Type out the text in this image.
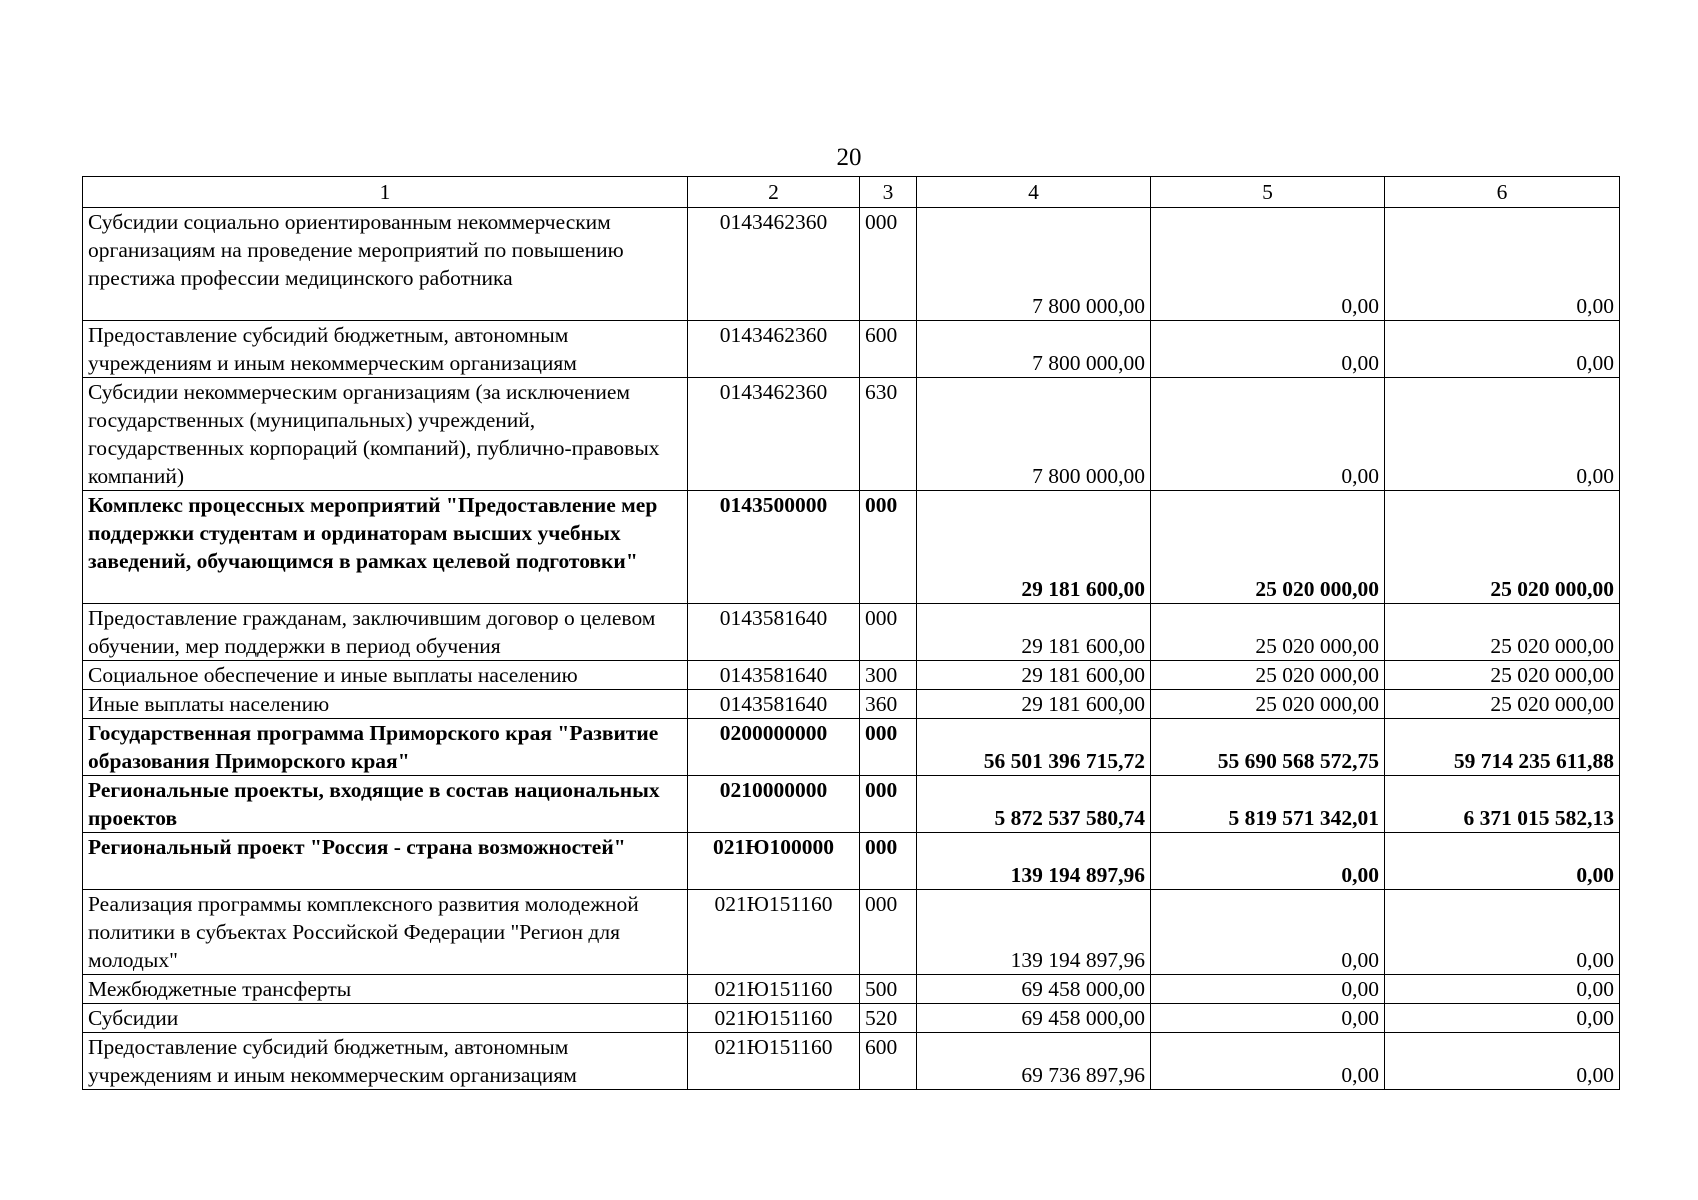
20
1	2	3	4	5	6
Субсидии социально ориентированным некоммерческим организациям на проведение мероприятий по повышению престижа профессии медицинского работника	0143462360	000	7 800 000,00	0,00	0,00
Предоставление субсидий бюджетным, автономным учреждениям и иным некоммерческим организациям	0143462360	600	7 800 000,00	0,00	0,00
Субсидии некоммерческим организациям (за исключением государственных (муниципальных) учреждений, государственных корпораций (компаний), публично-правовых компаний)	0143462360	630	7 800 000,00	0,00	0,00
Комплекс процессных мероприятий "Предоставление мер поддержки студентам и ординаторам высших учебных заведений, обучающимся в рамках целевой подготовки"	0143500000	000	29 181 600,00	25 020 000,00	25 020 000,00
Предоставление гражданам, заключившим договор о целевом обучении, мер поддержки в период обучения	0143581640	000	29 181 600,00	25 020 000,00	25 020 000,00
Социальное обеспечение и иные выплаты населению	0143581640	300	29 181 600,00	25 020 000,00	25 020 000,00
Иные выплаты населению	0143581640	360	29 181 600,00	25 020 000,00	25 020 000,00
Государственная программа Приморского края "Развитие образования Приморского края"	0200000000	000	56 501 396 715,72	55 690 568 572,75	59 714 235 611,88
Региональные проекты, входящие в состав национальных проектов	0210000000	000	5 872 537 580,74	5 819 571 342,01	6 371 015 582,13
Региональный проект "Россия - страна возможностей"	021Ю100000	000	139 194 897,96	0,00	0,00
Реализация программы комплексного развития молодежной политики в субъектах Российской Федерации "Регион для молодых"	021Ю151160	000	139 194 897,96	0,00	0,00
Межбюджетные трансферты	021Ю151160	500	69 458 000,00	0,00	0,00
Субсидии	021Ю151160	520	69 458 000,00	0,00	0,00
Предоставление субсидий бюджетным, автономным учреждениям и иным некоммерческим организациям	021Ю151160	600	69 736 897,96	0,00	0,00
